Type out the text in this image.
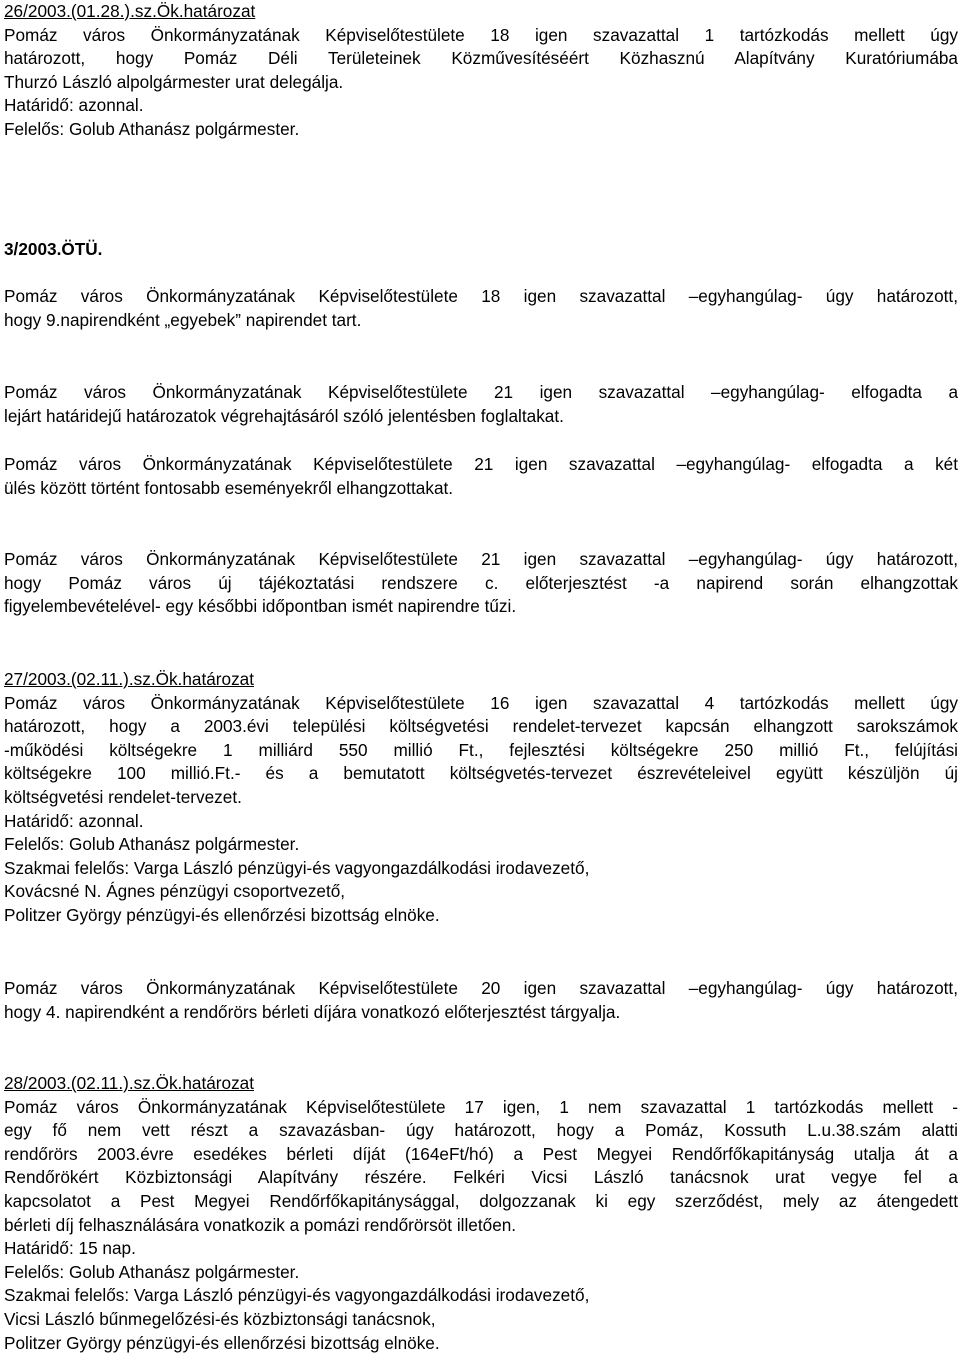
26/2003.(01.28.).sz.Ök.határozat
Pomáz város Önkormányzatának Képviselőtestülete 18 igen szavazattal 1 tartózkodás mellett úgy
határozott, hogy Pomáz Déli Területeinek Közművesítéséért Közhasznú Alapítvány Kuratóriumába
Thurzó László alpolgármester urat delegálja.
Határidő: azonnal.
Felelős: Golub Athanász polgármester.
3/2003.ÖTÜ.
Pomáz város Önkormányzatának Képviselőtestülete 18 igen szavazattal –egyhangúlag- úgy határozott,
hogy 9.napirendként „egyebek” napirendet tart.
Pomáz város Önkormányzatának Képviselőtestülete 21 igen szavazattal –egyhangúlag- elfogadta a
lejárt határidejű határozatok végrehajtásáról szóló jelentésben foglaltakat.
Pomáz város Önkormányzatának Képviselőtestülete 21 igen szavazattal –egyhangúlag- elfogadta a két
ülés között történt fontosabb eseményekről elhangzottakat.
Pomáz város Önkormányzatának Képviselőtestülete 21 igen szavazattal –egyhangúlag- úgy határozott,
hogy Pomáz város új tájékoztatási rendszere c. előterjesztést -a napirend során elhangzottak
figyelembevételével- egy későbbi időpontban ismét napirendre tűzi.
27/2003.(02.11.).sz.Ök.határozat
Pomáz város Önkormányzatának Képviselőtestülete 16 igen szavazattal 4 tartózkodás mellett úgy
határozott, hogy a 2003.évi települési költségvetési rendelet-tervezet kapcsán elhangzott sarokszámok
-működési költségekre 1 milliárd 550 millió Ft., fejlesztési költségekre 250 millió Ft., felújítási
költségekre 100 millió.Ft.- és a bemutatott költségvetés-tervezet észrevételeivel együtt készüljön új
költségvetési rendelet-tervezet.
Határidő: azonnal.
Felelős: Golub Athanász polgármester.
Szakmai felelős: Varga László pénzügyi-és vagyongazdálkodási irodavezető,
Kovácsné N. Ágnes pénzügyi csoportvezető,
Politzer György pénzügyi-és ellenőrzési bizottság elnöke.
Pomáz város Önkormányzatának Képviselőtestülete 20 igen szavazattal –egyhangúlag- úgy határozott,
hogy 4. napirendként a rendőrörs bérleti díjára vonatkozó előterjesztést tárgyalja.
28/2003.(02.11.).sz.Ök.határozat
Pomáz város Önkormányzatának Képviselőtestülete 17 igen, 1 nem szavazattal 1 tartózkodás mellett -
egy fő nem vett részt a szavazásban- úgy határozott, hogy a Pomáz, Kossuth L.u.38.szám alatti
rendőrörs 2003.évre esedékes bérleti díját (164eFt/hó) a Pest Megyei Rendőrfőkapitányság utalja át a
Rendőrökért Közbiztonsági Alapítvány részére. Felkéri Vicsi László tanácsnok urat vegye fel a
kapcsolatot a Pest Megyei Rendőrfőkapitánysággal, dolgozzanak ki egy szerződést, mely az átengedett
bérleti díj felhasználására vonatkozik a pomázi rendőrörsöt illetően.
Határidő: 15 nap.
Felelős: Golub Athanász polgármester.
Szakmai felelős: Varga László pénzügyi-és vagyongazdálkodási irodavezető,
Vicsi László bűnmegelőzési-és közbiztonsági tanácsnok,
Politzer György pénzügyi-és ellenőrzési bizottság elnöke.
